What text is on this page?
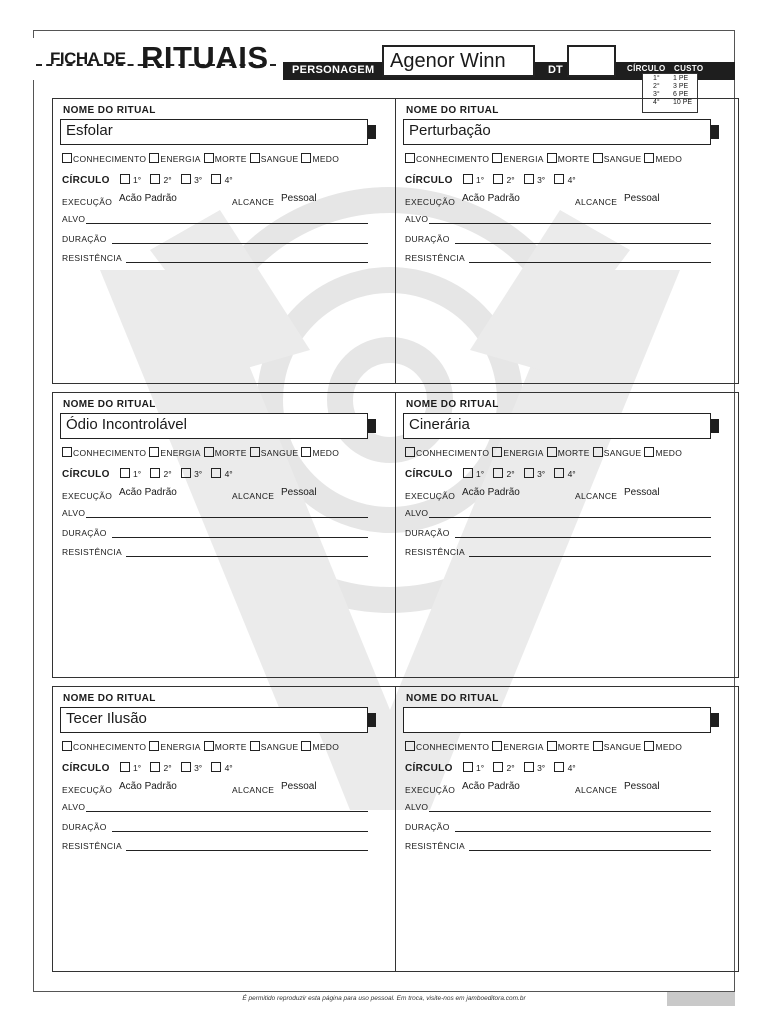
FICHA DE RITUAIS PERSONAGEM Agenor Winn	DT	CÍRCULO CUSTO
1° 1 PE
2° 3 PE
3° 6 PE
4° 10 PE
NOME DO RITUAL
Esfolar
CONHECIMENTO ENERGIA MORTE SANGUE MEDO
CÍRCULO	1°	2°	3°	4°
EXECUÇÃO Acão Padrão	ALCANCE Pessoal
ALVO
DURAÇÃO
RESISTÊNCIA
NOME DO RITUAL
Perturbação
CONHECIMENTO ENERGIA MORTE SANGUE MEDO
CÍRCULO	1°	2°	3°	4°
EXECUÇÃO Acão Padrão	ALCANCE Pessoal
ALVO
DURAÇÃO
RESISTÊNCIA
NOME DO RITUAL
Ódio Incontrolável
CONHECIMENTO ENERGIA MORTE SANGUE MEDO
CÍRCULO	1°	2°	3°	4°
EXECUÇÃO Acão Padrão	ALCANCE Pessoal
ALVO
DURAÇÃO
RESISTÊNCIA
NOME DO RITUAL
Cinerária
CONHECIMENTO ENERGIA MORTE SANGUE MEDO
CÍRCULO	1°	2°	3°	4°
EXECUÇÃO Acão Padrão	ALCANCE Pessoal
ALVO
DURAÇÃO
RESISTÊNCIA
NOME DO RITUAL
Tecer Ilusão
CONHECIMENTO ENERGIA MORTE SANGUE MEDO
CÍRCULO	1°	2°	3°	4°
EXECUÇÃO Acão Padrão	ALCANCE Pessoal
ALVO
DURAÇÃO
RESISTÊNCIA
NOME DO RITUAL
CONHECIMENTO ENERGIA MORTE SANGUE MEDO
CÍRCULO	1°	2°	3°	4°
EXECUÇÃO Acão Padrão	ALCANCE Pessoal
ALVO
DURAÇÃO
RESISTÊNCIA
É permitido reproduzir esta página para uso pessoal. Em troca, visite-nos em jamboeditora.com.br
